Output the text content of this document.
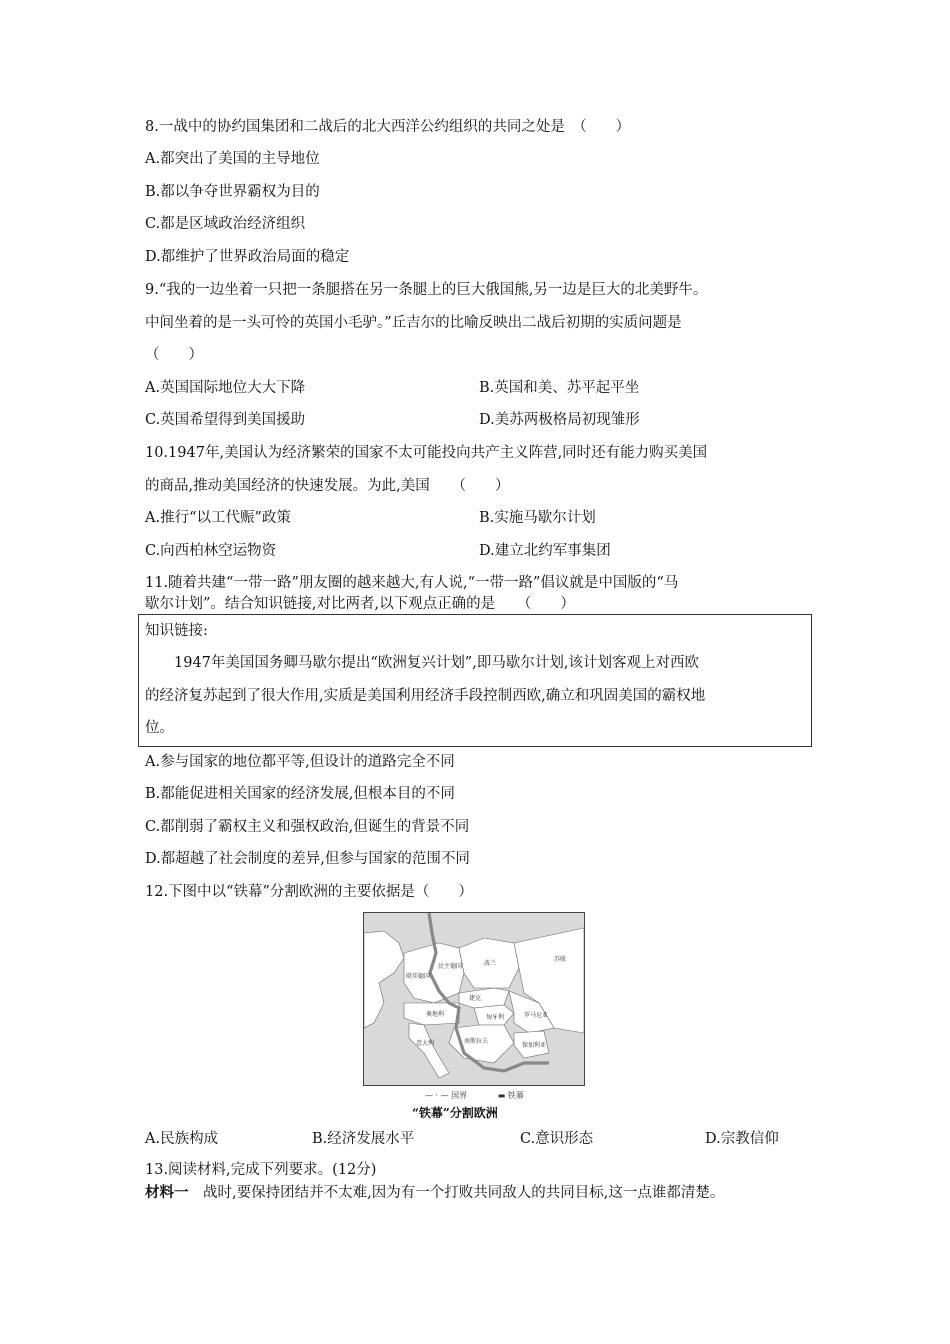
8.一战中的协约国集团和二战后的北大西洋公约组织的共同之处是　（　　）
A.都突出了美国的主导地位
B.都以争夺世界霸权为目的
C.都是区域政治经济组织
D.都维护了世界政治局面的稳定
9.“我的一边坐着一只把一条腿搭在另一条腿上的巨大俄国熊,另一边是巨大的北美野牛。
中间坐着的是一头可怜的英国小毛驴。”丘吉尔的比喻反映出二战后初期的实质问题是
（　　）
A.英国国际地位大大下降	B.英国和美、苏平起平坐
C.英国希望得到美国援助	D.美苏两极格局初现雏形
10.1947年,美国认为经济繁荣的国家不太可能投向共产主义阵营,同时还有能力购买美国
的商品,推动美国经济的快速发展。为此,美国　　（　　）
A.推行“以工代赈”政策	B.实施马歇尔计划
C.向西柏林空运物资	D.建立北约军事集团
11.随着共建“一带一路”朋友圈的越来越大,有人说,“一带一路”倡议就是中国版的“马
歇尔计划”。结合知识链接,对比两者,以下观点正确的是　　（　　）
知识链接:
　　1947年美国国务卿马歇尔提出“欧洲复兴计划”,即马歇尔计划,该计划客观上对西欧
的经济复苏起到了很大作用,实质是美国利用经济手段控制西欧,确立和巩固美国的霸权地
位。
A.参与国家的地位都平等,但设计的道路完全不同
B.都能促进相关国家的经济发展,但根本目的不同
C.都削弱了霸权主义和强权政治,但诞生的背景不同
D.都超越了社会制度的差异,但参与国家的范围不同
12.下图中以“铁幕”分割欧洲的主要依据是（　　）
波兰
苏联
捷克
匈牙利	罗马尼亚
南斯拉夫
保加利亚
奥地利
民主德国
联邦德国
意大利
— · — 国界	▬ 铁幕
“铁幕”分割欧洲
A.民族构成	B.经济发展水平	C.意识形态	D.宗教信仰
13.阅读材料,完成下列要求。(12分)
材料一　战时,要保持团结并不太难,因为有一个打败共同敌人的共同目标,这一点谁都清楚。
